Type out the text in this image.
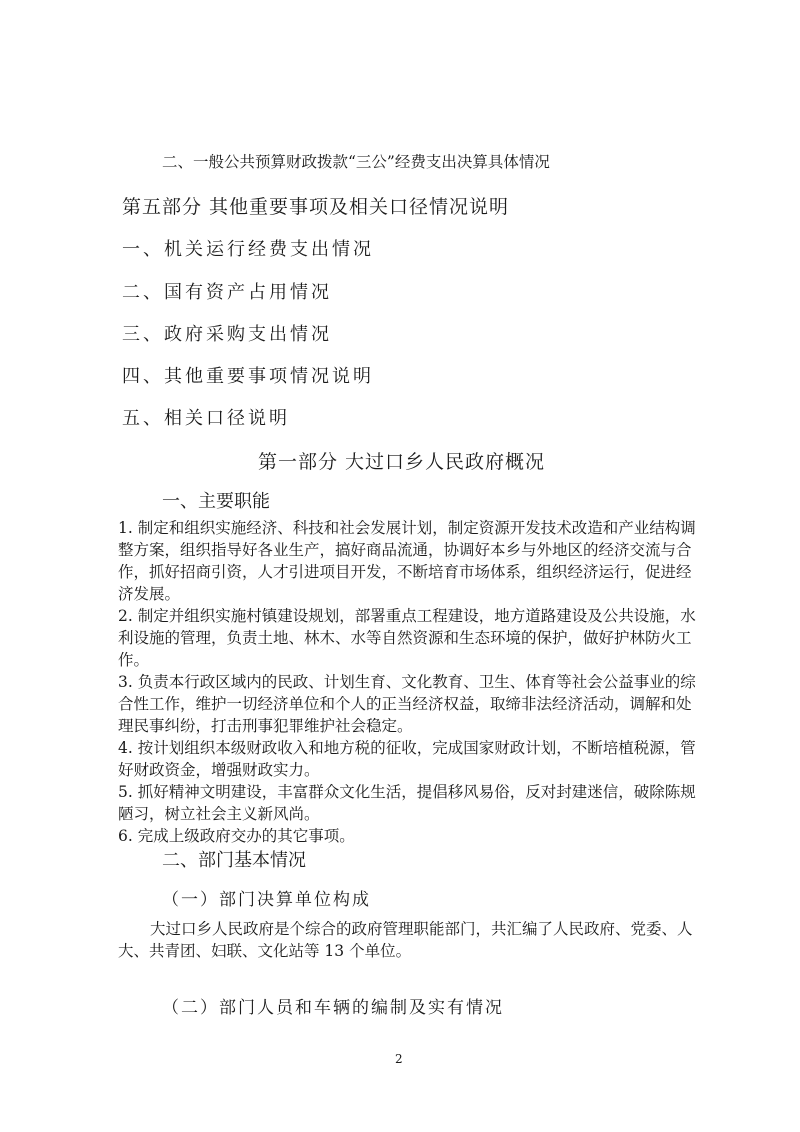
二、一般公共预算财政拨款“三公”经费支出决算具体情况
第五部分 其他重要事项及相关口径情况说明
一、机关运行经费支出情况
二、国有资产占用情况
三、政府采购支出情况
四、其他重要事项情况说明
五、相关口径说明
第一部分 大过口乡人民政府概况
一、主要职能
1. 制定和组织实施经济、科技和社会发展计划，制定资源开发技术改造和产业结构调
整方案，组织指导好各业生产，搞好商品流通，协调好本乡与外地区的经济交流与合
作，抓好招商引资，人才引进项目开发，不断培育市场体系，组织经济运行，促进经
济发展。
2. 制定并组织实施村镇建设规划，部署重点工程建设，地方道路建设及公共设施，水
利设施的管理，负责土地、林木、水等自然资源和生态环境的保护，做好护林防火工
作。
3. 负责本行政区域内的民政、计划生育、文化教育、卫生、体育等社会公益事业的综
合性工作，维护一切经济单位和个人的正当经济权益，取缔非法经济活动，调解和处
理民事纠纷，打击刑事犯罪维护社会稳定。
4. 按计划组织本级财政收入和地方税的征收，完成国家财政计划，不断培植税源，管
好财政资金，增强财政实力。
5. 抓好精神文明建设，丰富群众文化生活，提倡移风易俗，反对封建迷信，破除陈规
陋习，树立社会主义新风尚。
6. 完成上级政府交办的其它事项。
二、部门基本情况
（一）部门决算单位构成
大过口乡人民政府是个综合的政府管理职能部门，共汇编了人民政府、党委、人
大、共青团、妇联、文化站等 13 个单位。
（二）部门人员和车辆的编制及实有情况
2
